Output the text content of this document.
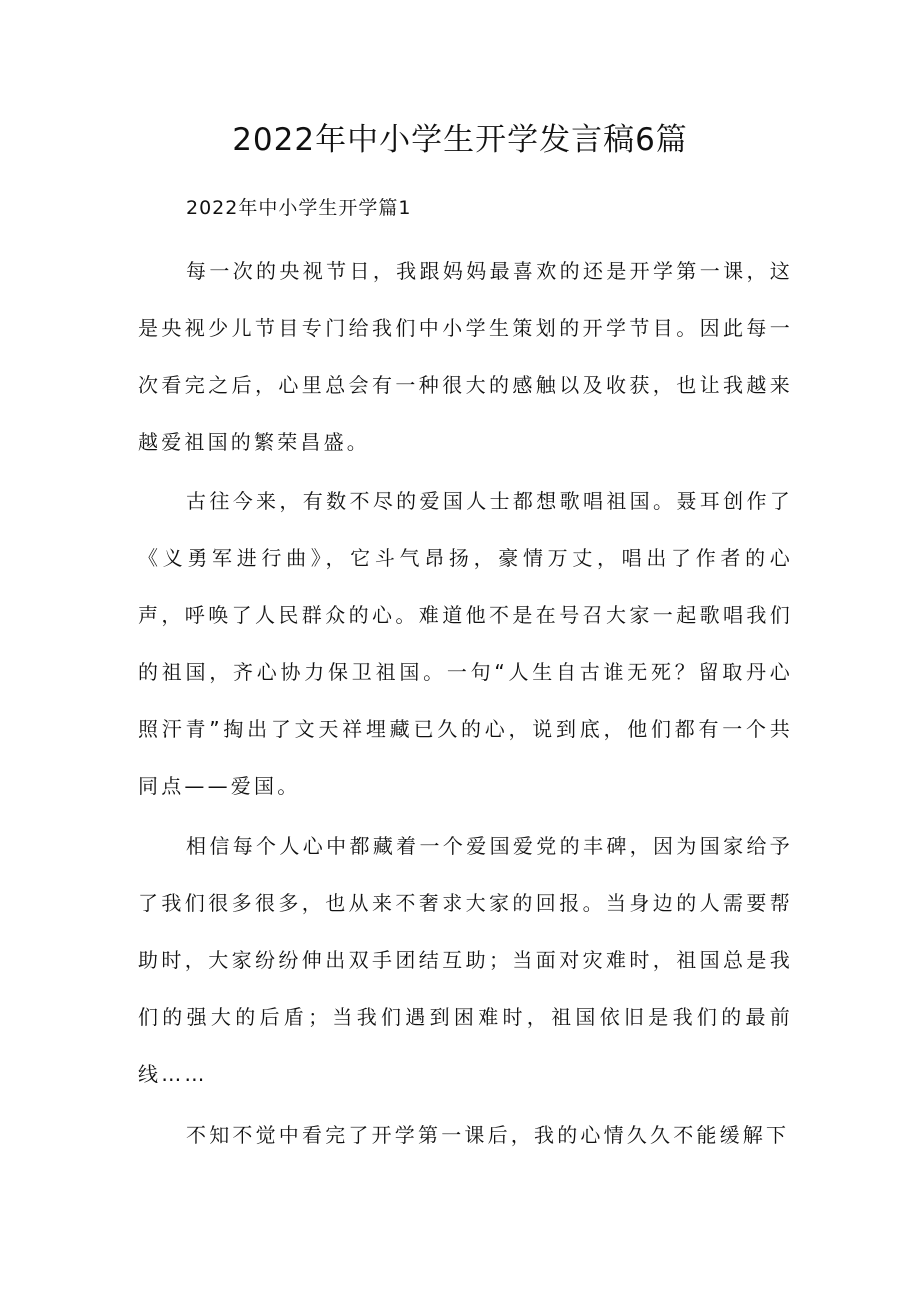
2022年中小学生开学发言稿6篇
2022年中小学生开学篇1

每一次的央视节日，我跟妈妈最喜欢的还是开学第一课，这是央视少儿节目专门给我们中小学生策划的开学节目。因此每一次看完之后，心里总会有一种很大的感触以及收获，也让我越来越爱祖国的繁荣昌盛。

古往今来，有数不尽的爱国人士都想歌唱祖国。聂耳创作了《义勇军进行曲》，它斗气昂扬，豪情万丈，唱出了作者的心声，呼唤了人民群众的心。难道他不是在号召大家一起歌唱我们的祖国，齐心协力保卫祖国。一句“人生自古谁无死？留取丹心照汗青”掏出了文天祥埋藏已久的心，说到底，他们都有一个共同点——爱国。

相信每个人心中都藏着一个爱国爱党的丰碑，因为国家给予了我们很多很多，也从来不奢求大家的回报。当身边的人需要帮助时，大家纷纷伸出双手团结互助；当面对灾难时，祖国总是我们的强大的后盾；当我们遇到困难时，祖国依旧是我们的最前线……

不知不觉中看完了开学第一课后，我的心情久久不能缓解下
